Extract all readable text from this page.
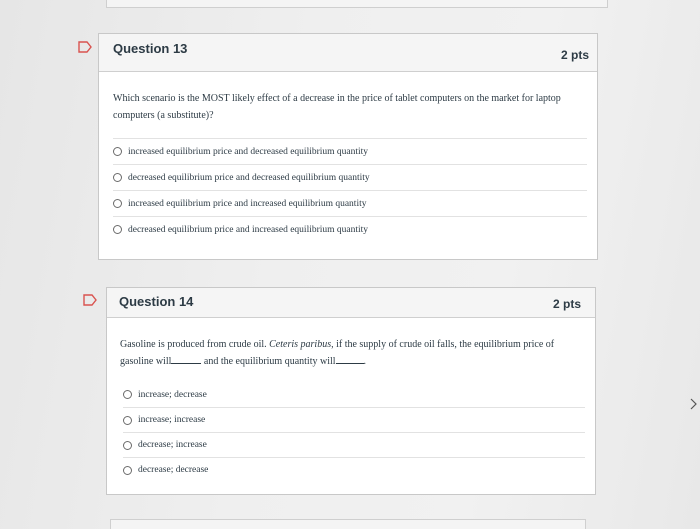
Question 13	2 pts
Which scenario is the MOST likely effect of a decrease in the price of tablet computers on the market for laptop computers (a substitute)?
increased equilibrium price and decreased equilibrium quantity
decreased equilibrium price and decreased equilibrium quantity
increased equilibrium price and increased equilibrium quantity
decreased equilibrium price and increased equilibrium quantity
Question 14	2 pts
Gasoline is produced from crude oil. Ceteris paribus, if the supply of crude oil falls, the equilibrium price of gasoline will	and the equilibrium quantity will	.
increase; decrease
increase; increase
decrease; increase
decrease; decrease
